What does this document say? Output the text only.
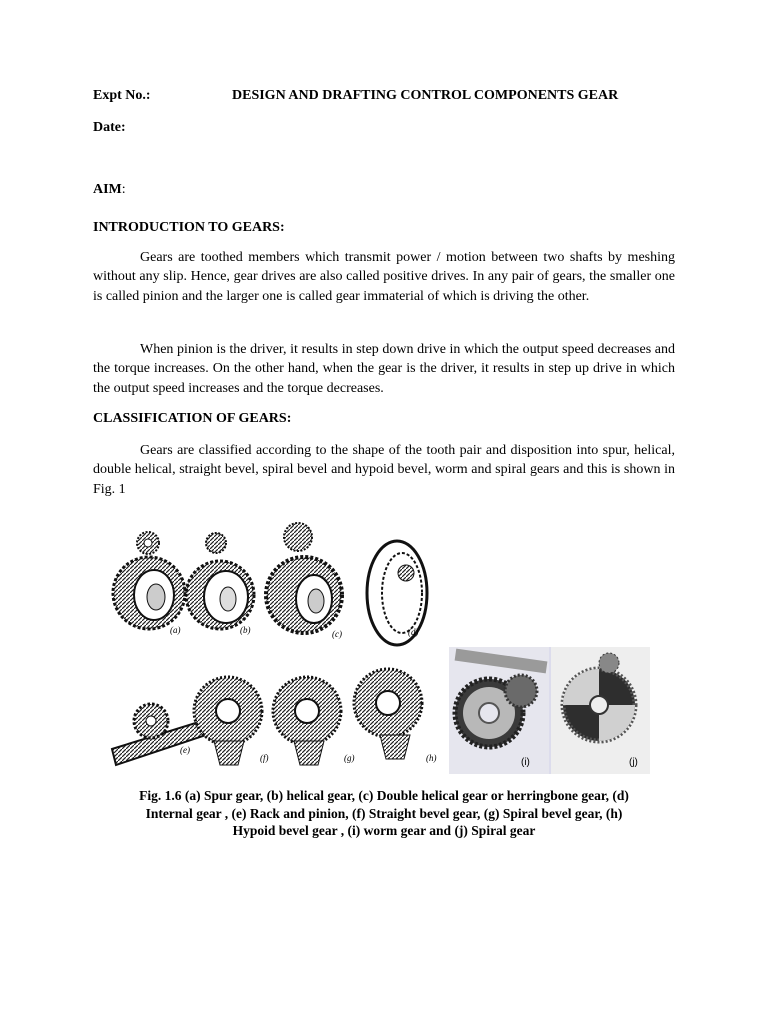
Expt No.:	DESIGN AND DRAFTING CONTROL COMPONENTS GEAR
Date:
AIM:
INTRODUCTION TO GEARS:

Gears are toothed members which transmit power / motion between two shafts by meshing without any slip. Hence, gear drives are also called positive drives. In any pair of gears, the smaller one is called pinion and the larger one is called gear immaterial of which is driving the other.

When pinion is the driver, it results in step down drive in which the output speed decreases and the torque increases. On the other hand, when the gear is the driver, it results in step up drive in which the output speed increases and the torque decreases.

CLASSIFICATION OF GEARS:

Gears are classified according to the shape of the tooth pair and disposition into spur, helical, double helical, straight bevel, spiral bevel and hypoid bevel, worm and spiral gears and this is shown in Fig. 1

(a)	(b)	(c)	(d)
(e)
(f)	(g)	(h)	(i)	(j)
Fig. 1.6 (a) Spur gear, (b) helical gear, (c) Double helical gear or herringbone gear, (d)
Internal gear , (e) Rack and pinion, (f) Straight bevel gear, (g) Spiral bevel gear, (h)
Hypoid bevel gear , (i) worm gear and (j) Spiral gear
